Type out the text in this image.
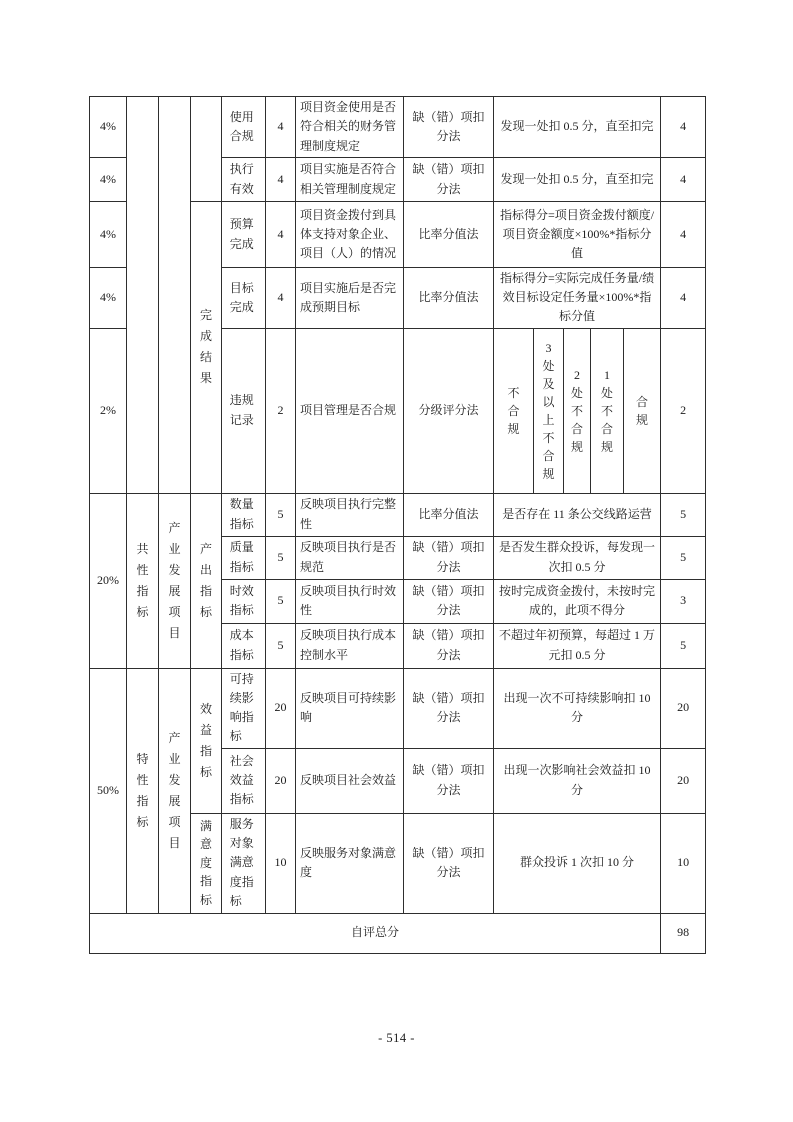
4%				使用合规	4	项目资金使用是否符合相关的财务管理制度规定	缺（错）项扣分法	发现一处扣 0.5 分，直至扣完					4
4%				执行有效	4	项目实施是否符合相关管理制度规定	缺（错）项扣分法	发现一处扣 0.5 分，直至扣完					4
4%			完成结果	预算完成	4	项目资金拨付到具体支持对象企业、项目（人）的情况	比率分值法	指标得分=项目资金拨付额度/项目资金额度×100%*指标分值					4
4%				目标完成	4	项目实施后是否完成预期目标	比率分值法	指标得分=实际完成任务量/绩效目标设定任务量×100%*指标分值					4
2%				违规记录	2	项目管理是否合规	分级评分法	不合规	3处及以上不合规	2处不合规	1处不合规	合规	2
20%	共性指标	产业发展项目	产出指标	数量指标	5	反映项目执行完整性	比率分值法	是否存在 11 条公交线路运营					5

				质量指标	5	反映项目执行是否规范	缺（错）项扣分法	是否发生群众投诉，每发现一次扣 0.5 分					5

				时效指标	5	反映项目执行时效性	缺（错）项扣分法	按时完成资金拨付，未按时完成的，此项不得分					3

				成本指标	5	反映项目执行成本控制水平	缺（错）项扣分法	不超过年初预算，每超过 1 万元扣 0.5 分					5
50%	特性指标	产业发展项目	效益指标	可持续影响指标	20	反映项目可持续影响	缺（错）项扣分法	出现一次不可持续影响扣 10 分					20

				社会效益指标	20	反映项目社会效益	缺（错）项扣分法	出现一次影响社会效益扣 10 分					20

			满意度指标	服务对象满意度指标	10	反映服务对象满意度	缺（错）项扣分法	群众投诉 1 次扣 10 分					10
自评总分													98
- 514 -
